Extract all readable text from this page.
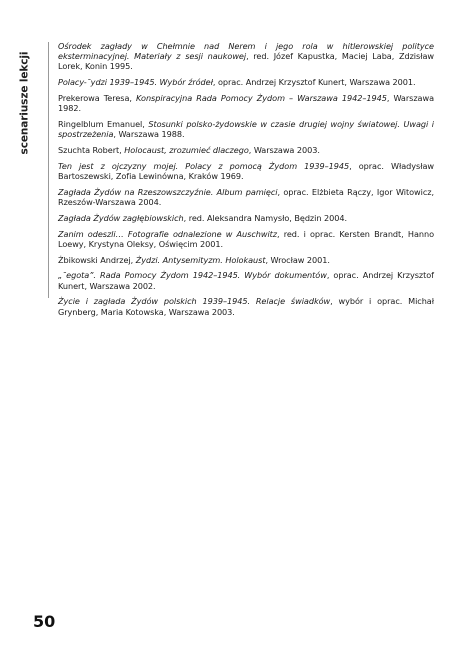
scenariusze lekcji
Ośrodek zagłady w Chełmnie nad Nerem i jego rola w hitlerowskiej polityce eksterminacyjnej. Materiały z sesji naukowej, red. Józef Kapustka, Maciej Laba, Zdzisław Lorek, Konin 1995.
Polacy-¯ydzi 1939–1945. Wybór źródeł, oprac. Andrzej Krzysztof Kunert, Warszawa 2001.
Prekerowa Teresa, Konspiracyjna Rada Pomocy Żydom – Warszawa 1942–1945, Warszawa 1982.
Ringelblum Emanuel, Stosunki polsko-żydowskie w czasie drugiej wojny światowej. Uwagi i spostrzeżenia, Warszawa 1988.
Szuchta Robert, Holocaust, zrozumieć dlaczego, Warszawa 2003.
Ten jest z ojczyzny mojej. Polacy z pomocą Żydom 1939–1945, oprac. Władysław Bartoszewski, Zofia Lewinówna, Kraków 1969.
Zagłada Żydów na Rzeszowszczyźnie. Album pamięci, oprac. Elżbieta Rączy, Igor Witowicz, Rzeszów-Warszawa 2004.
Zagłada Żydów zagłębiowskich, red. Aleksandra Namysło, Będzin 2004.
Zanim odeszli… Fotografie odnalezione w Auschwitz, red. i oprac. Kersten Brandt, Hanno Loewy, Krystyna Oleksy, Oświęcim 2001.
Żbikowski Andrzej, Żydzi. Antysemityzm. Holokaust, Wrocław 2001.
„¯egota”. Rada Pomocy Żydom 1942–1945. Wybór dokumentów, oprac. Andrzej Krzysztof Kunert, Warszawa 2002.
Życie i zagłada Żydów polskich 1939–1945. Relacje świadków, wybór i oprac. Michał Grynberg, Maria Kotowska, Warszawa 2003.
50
